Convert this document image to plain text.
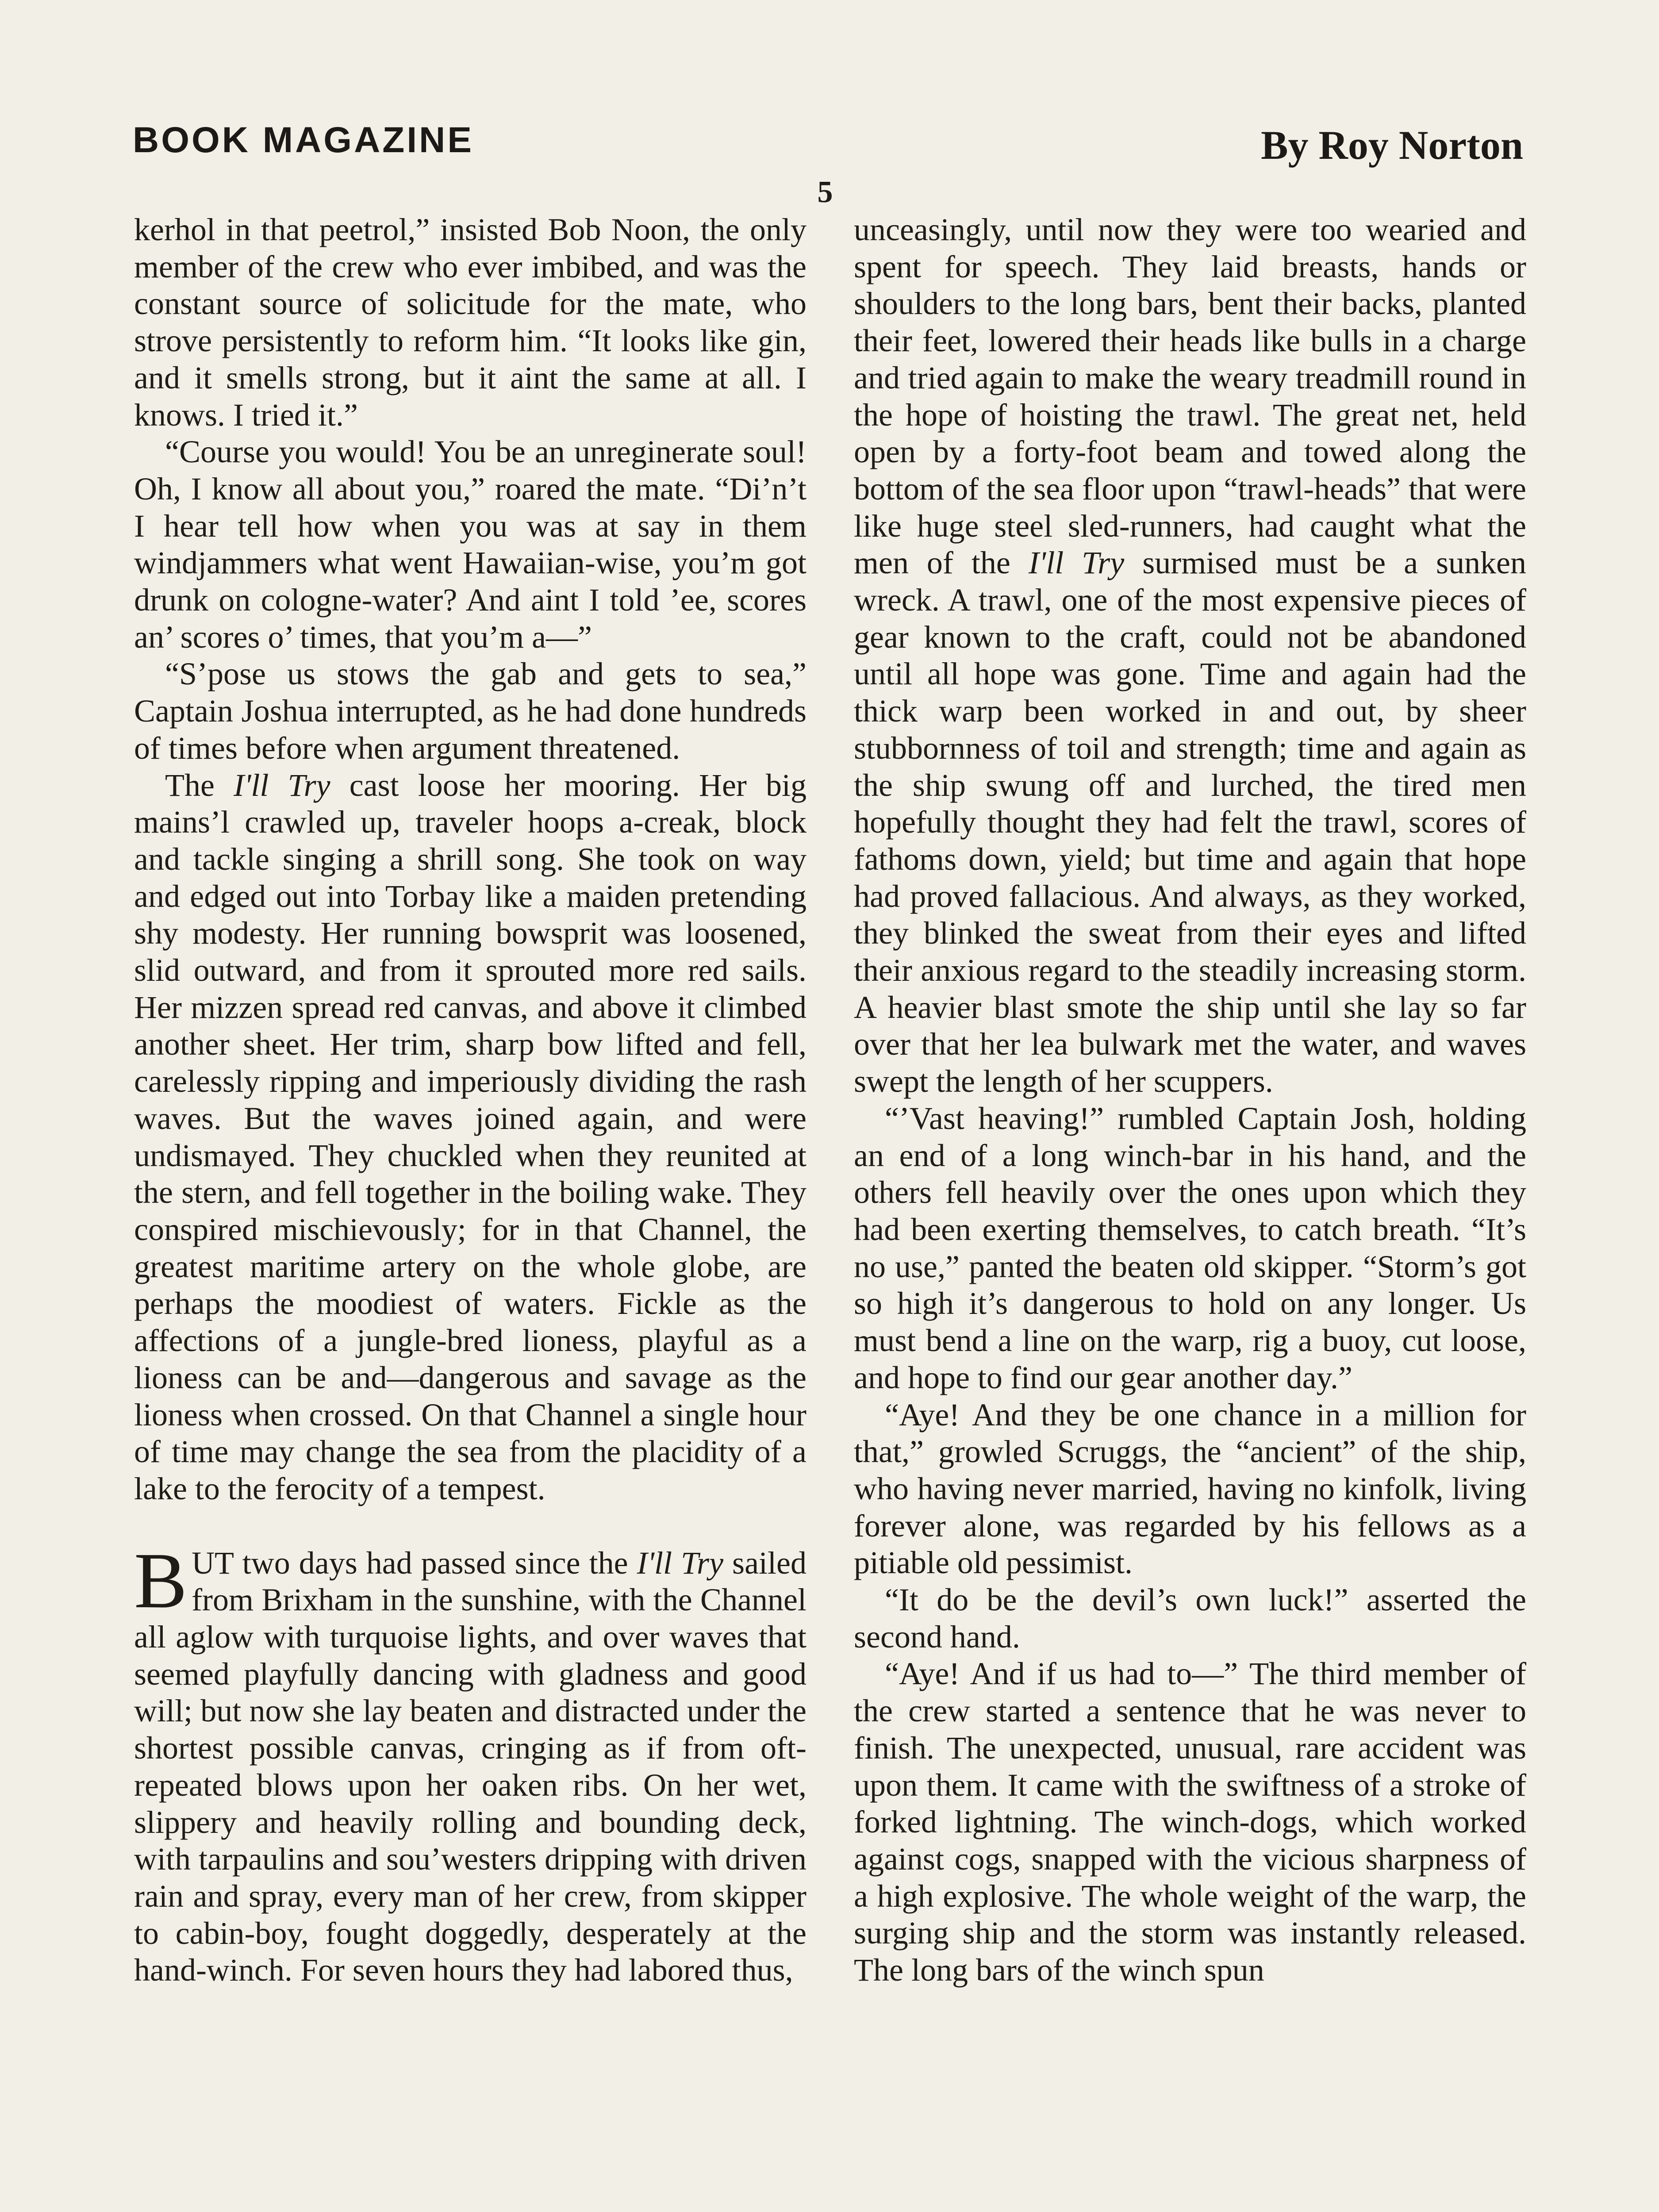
BOOK MAGAZINE	By Roy Norton
5

kerhol in that peetrol,” insisted Bob Noon, the only member of the crew who ever imbibed, and was the constant source of solicitude for the mate, who strove persistently to reform him. “It looks like gin, and it smells strong, but it aint the same at all. I knows. I tried it.”

“Course you would! You be an unreginerate soul! Oh, I know all about you,” roared the mate. “Di’n’t I hear tell how when you was at say in them windjammers what went Hawaiian-wise, you’m got drunk on cologne-water? And aint I told ’ee, scores an’ scores o’ times, that you’m a—”

“S’pose us stows the gab and gets to sea,” Captain Joshua interrupted, as he had done hundreds of times before when argument threatened.

The I'll Try cast loose her mooring. Her big mains’l crawled up, traveler hoops a-creak, block and tackle singing a shrill song. She took on way and edged out into Torbay like a maiden pretending shy modesty. Her running bowsprit was loosened, slid outward, and from it sprouted more red sails. Her mizzen spread red canvas, and above it climbed another sheet. Her trim, sharp bow lifted and fell, carelessly ripping and imperiously dividing the rash waves. But the waves joined again, and were undismayed. They chuckled when they reunited at the stern, and fell together in the boiling wake. They conspired mischievously; for in that Channel, the greatest maritime artery on the whole globe, are perhaps the moodiest of waters. Fickle as the affections of a jungle-bred lioness, playful as a lioness can be and—dangerous and savage as the lioness when crossed. On that Channel a single hour of time may change the sea from the placidity of a lake to the ferocity of a tempest.

BUT two days had passed since the I'll Try sailed from Brixham in the sunshine, with the Channel all aglow with turquoise lights, and over waves that seemed playfully dancing with gladness and good will; but now she lay beaten and distracted under the shortest possible canvas, cringing as if from oft-repeated blows upon her oaken ribs. On her wet, slippery and heavily rolling and bounding deck, with tarpaulins and sou’westers dripping with driven rain and spray, every man of her crew, from skipper to cabin-boy, fought doggedly, desperately at the hand-winch. For seven hours they had labored thus,

unceasingly, until now they were too wearied and spent for speech. They laid breasts, hands or shoulders to the long bars, bent their backs, planted their feet, lowered their heads like bulls in a charge and tried again to make the weary treadmill round in the hope of hoisting the trawl. The great net, held open by a forty-foot beam and towed along the bottom of the sea floor upon “trawl-heads” that were like huge steel sled-runners, had caught what the men of the I'll Try surmised must be a sunken wreck. A trawl, one of the most expensive pieces of gear known to the craft, could not be abandoned until all hope was gone. Time and again had the thick warp been worked in and out, by sheer stubbornness of toil and strength; time and again as the ship swung off and lurched, the tired men hopefully thought they had felt the trawl, scores of fathoms down, yield; but time and again that hope had proved fallacious. And always, as they worked, they blinked the sweat from their eyes and lifted their anxious regard to the steadily increasing storm. A heavier blast smote the ship until she lay so far over that her lea bulwark met the water, and waves swept the length of her scuppers.

“’Vast heaving!” rumbled Captain Josh, holding an end of a long winch-bar in his hand, and the others fell heavily over the ones upon which they had been exerting themselves, to catch breath. “It’s no use,” panted the beaten old skipper. “Storm’s got so high it’s dangerous to hold on any longer. Us must bend a line on the warp, rig a buoy, cut loose, and hope to find our gear another day.”

“Aye! And they be one chance in a million for that,” growled Scruggs, the “ancient” of the ship, who having never married, having no kinfolk, living forever alone, was regarded by his fellows as a pitiable old pessimist.

“It do be the devil’s own luck!” asserted the second hand.

“Aye! And if us had to—” The third member of the crew started a sentence that he was never to finish. The unexpected, unusual, rare accident was upon them. It came with the swiftness of a stroke of forked lightning. The winch-dogs, which worked against cogs, snapped with the vicious sharpness of a high explosive. The whole weight of the warp, the surging ship and the storm was instantly released. The long bars of the winch spun
